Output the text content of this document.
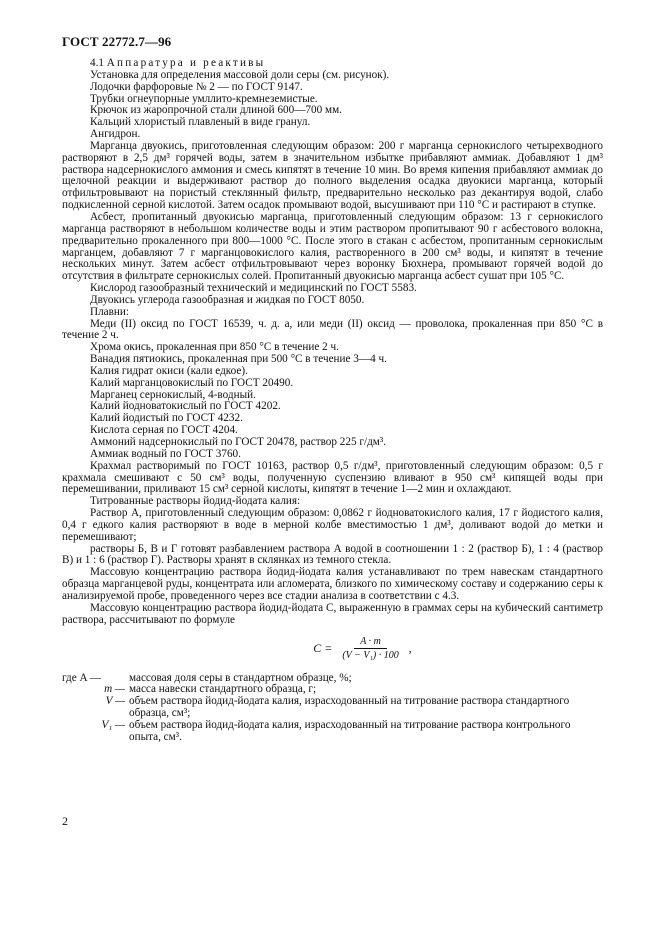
ГОСТ 22772.7—96

4.1 Аппаратура и реактивы

Установка для определения массовой доли серы (см. рисунок).

Лодочки фарфоровые № 2 — по ГОСТ 9147.

Трубки огнеупорные умллито-кремнеземистые.

Крючок из жаропрочной стали длиной 600—700 мм.

Кальций хлористый плавленый в виде гранул.

Ангидрон.

Марганца двуокись, приготовленная следующим образом: 200 г марганца сернокислого четырехводного растворяют в 2,5 дм³ горячей воды, затем в значительном избытке прибавляют аммиак. Добавляют 1 дм³ раствора надсернокислого аммония и смесь кипятят в течение 10 мин. Во время кипения прибавляют аммиак до щелочной реакции и выдерживают раствор до полного выделения осадка двуокиси марганца, который отфильтровывают на пористый стеклянный фильтр, предварительно несколько раз декантируя водой, слабо подкисленной серной кислотой. Затем осадок промывают водой, высушивают при 110 °С и растирают в ступке.

Асбест, пропитанный двуокисью марганца, приготовленный следующим образом: 13 г сернокислого марганца растворяют в небольшом количестве воды и этим раствором пропитывают 90 г асбестового волокна, предварительно прокаленного при 800—1000 °С. После этого в стакан с асбестом, пропитанным сернокислым марганцем, добавляют 7 г марганцовокислого калия, растворенного в 200 см³ воды, и кипятят в течение нескольких минут. Затем асбест отфильтровывают через воронку Бюхнера, промывают горячей водой до отсутствия в фильтрате сернокислых солей. Пропитанный двуокисью марганца асбест сушат при 105 °С.

Кислород газообразный технический и медицинский по ГОСТ 5583.

Двуокись углерода газообразная и жидкая по ГОСТ 8050.

Плавни:

Меди (II) оксид по ГОСТ 16539, ч. д. а, или меди (II) оксид — проволока, прокаленная при 850 °С в течение 2 ч.

Хрома окись, прокаленная при 850 °С в течение 2 ч.

Ванадия пятиокись, прокаленная при 500 °С в течение 3—4 ч.

Калия гидрат окиси (кали едкое).

Калий марганцовокислый по ГОСТ 20490.

Марганец сернокислый, 4-водный.

Калий йодноватокислый по ГОСТ 4202.

Калий йодистый по ГОСТ 4232.

Кислота серная по ГОСТ 4204.

Аммоний надсернокислый по ГОСТ 20478, раствор 225 г/дм³.

Аммиак водный по ГОСТ 3760.

Крахмал растворимый по ГОСТ 10163, раствор 0,5 г/дм³, приготовленный следующим образом: 0,5 г крахмала смешивают с 50 см³ воды, полученную суспензию вливают в 950 см³ кипящей воды при перемешивании, приливают 15 см³ серной кислоты, кипятят в течение 1—2 мин и охлаждают.

Титрованные растворы йодид-йодата калия:

Раствор А, приготовленный следующим образом: 0,0862 г йодноватокислого калия, 17 г йодистого калия, 0,4 г едкого калия растворяют в воде в мерной колбе вместимостью 1 дм³, доливают водой до метки и перемешивают;

растворы Б, В и Г готовят разбавлением раствора А водой в соотношении 1 : 2 (раствор Б), 1 : 4 (раствор В) и 1 : 6 (раствор Г). Растворы хранят в склянках из темного стекла.

Массовую концентрацию раствора йодид-йодата калия устанавливают по трем навескам стандартного образца марганцевой руды, концентрата или агломерата, близкого по химическому составу и содержанию серы к анализируемой пробе, проведенного через все стадии анализа в соответствии с 4.3.

Массовую концентрацию раствора йодид-йодата С, выраженную в граммах серы на кубический сантиметр раствора, рассчитывают по формуле

$C = \frac{A \cdot m}{\text{(V − V₁) · 100}}$ ,
где A —	массовая доля серы в стандартном образце, %;
m — масса навески стандартного образца, г;
V — объем раствора йодид-йодата калия, израсходованный на титрование раствора стандартного образца, см³;
V₁ — объем раствора йодид-йодата калия, израсходованный на титрование раствора контрольного опыта, см³.
2
